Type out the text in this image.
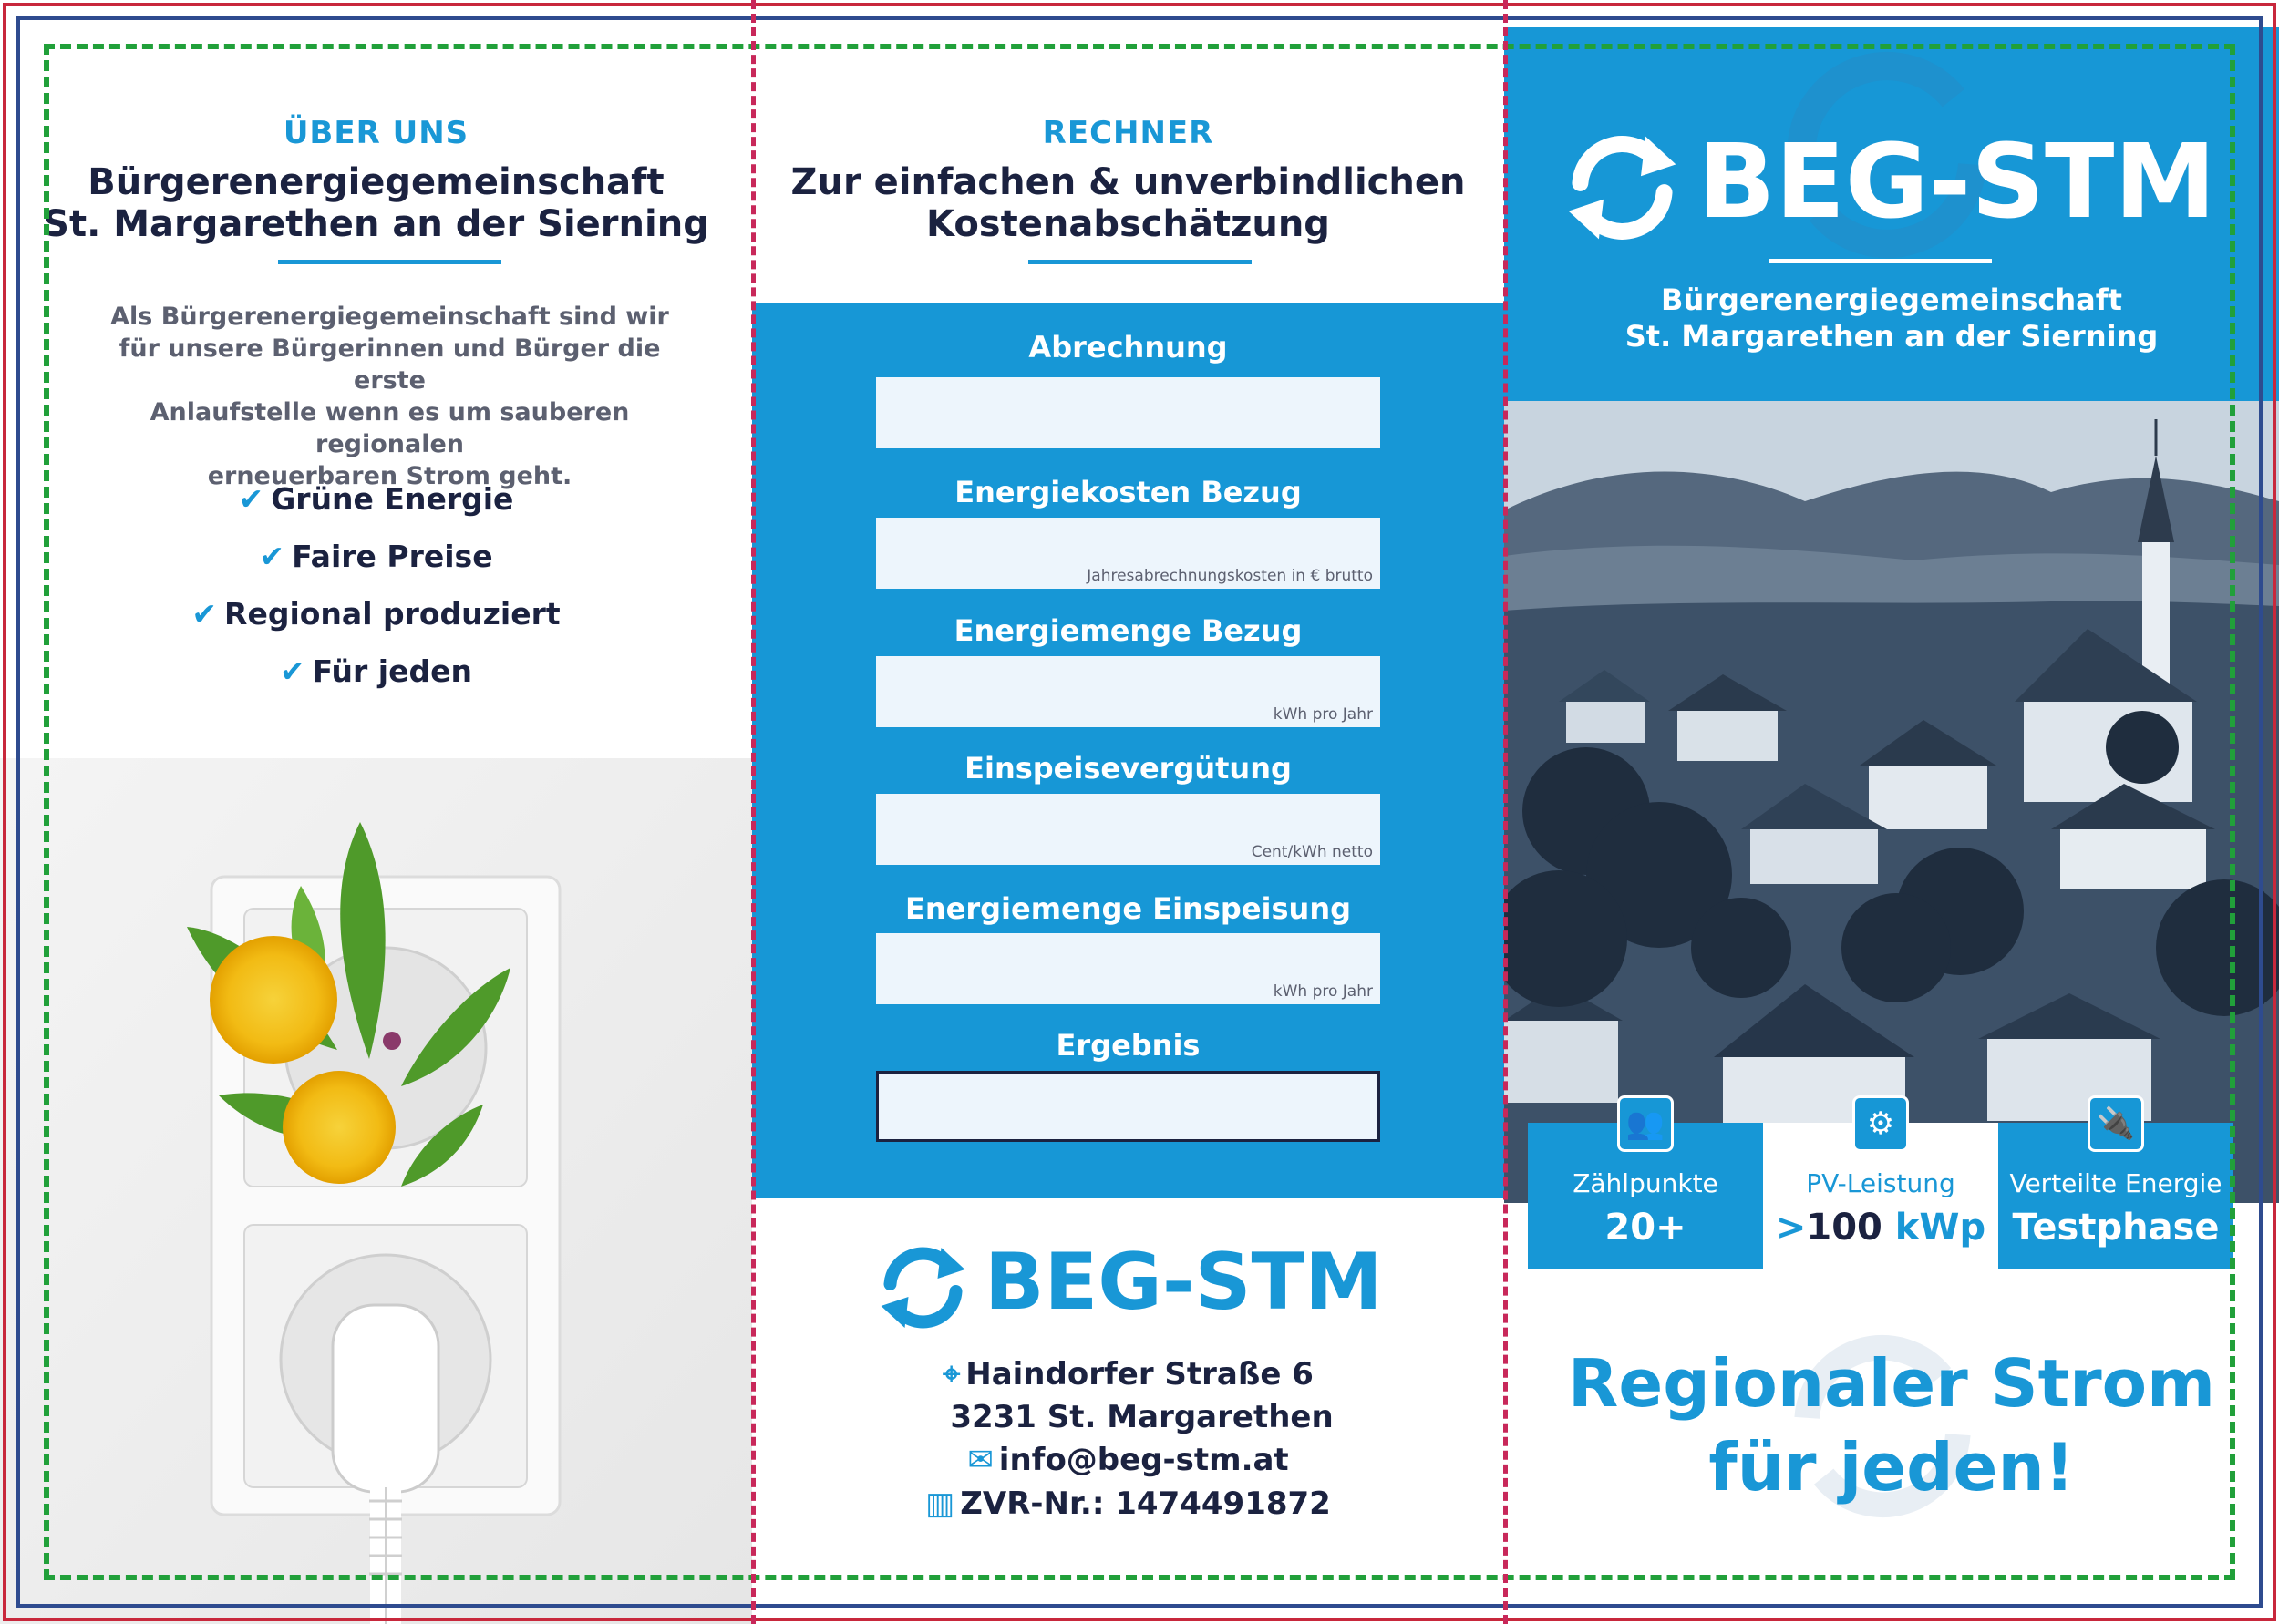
ÜBER UNS
Bürgerenergiegemeinschaft
St. Margarethen an der Sierning
Als Bürgerenergiegemeinschaft sind wir
für unsere Bürgerinnen und Bürger die erste
Anlaufstelle wenn es um sauberen regionalen
erneuerbaren Strom geht.
✔ Grüne Energie
✔ Faire Preise
✔ Regional produziert
✔ Für jeden
RECHNER
Zur einfachen & unverbindlichen
Kostenabschätzung
Abrechnung
Energiekosten Bezug
Jahresabrechnungskosten in € brutto
Energiemenge Bezug
kWh pro Jahr
Einspeisevergütung
Cent/kWh netto
Energiemenge Einspeisung
kWh pro Jahr
Ergebnis
BEG-STM
⌖ Haindorfer Straße 6
3231 St. Margarethen
✉ info@beg-stm.at
▥ ZVR-Nr.: 1474491872
BEG-STM
Bürgerenergiegemeinschaft
St. Margarethen an der Sierning
Zählpunkte
20+
PV-Leistung
>100 kWp
Verteilte Energie
Testphase
👥	⚙	🔌
Regionaler Strom
für jeden!
